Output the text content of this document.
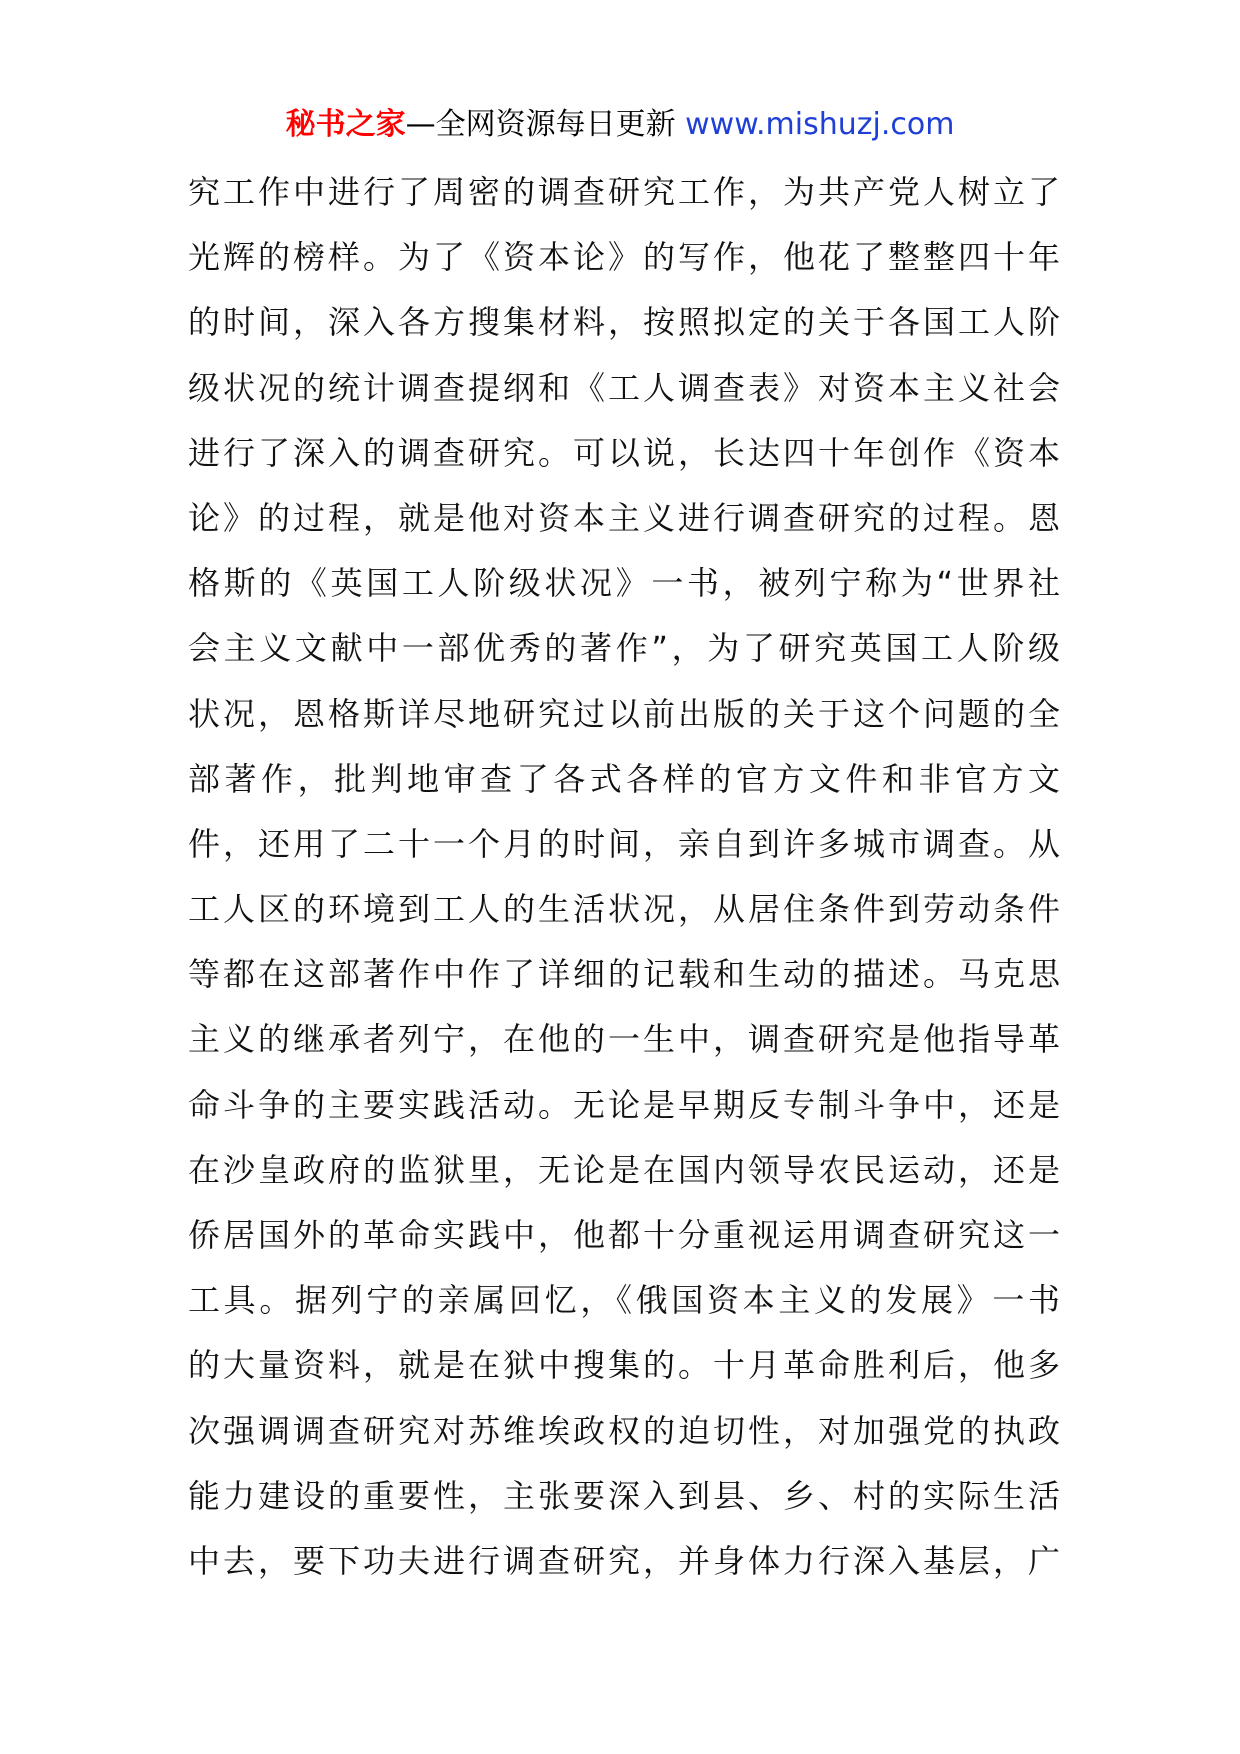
秘书之家—全网资源每日更新 www.mishuzj.com
究工作中进行了周密的调查研究工作，为共产党人树立了
光辉的榜样。为了《资本论》的写作，他花了整整四十年
的时间，深入各方搜集材料，按照拟定的关于各国工人阶
级状况的统计调查提纲和《工人调查表》对资本主义社会
进行了深入的调查研究。可以说，长达四十年创作《资本
论》的过程，就是他对资本主义进行调查研究的过程。恩
格斯的《英国工人阶级状况》一书，被列宁称为“世界社
会主义文献中一部优秀的著作”，为了研究英国工人阶级
状况，恩格斯详尽地研究过以前出版的关于这个问题的全
部著作，批判地审查了各式各样的官方文件和非官方文
件，还用了二十一个月的时间，亲自到许多城市调查。从
工人区的环境到工人的生活状况，从居住条件到劳动条件
等都在这部著作中作了详细的记载和生动的描述。马克思
主义的继承者列宁，在他的一生中，调查研究是他指导革
命斗争的主要实践活动。无论是早期反专制斗争中，还是
在沙皇政府的监狱里，无论是在国内领导农民运动，还是
侨居国外的革命实践中，他都十分重视运用调查研究这一
工具。据列宁的亲属回忆，《俄国资本主义的发展》一书
的大量资料，就是在狱中搜集的。十月革命胜利后，他多
次强调调查研究对苏维埃政权的迫切性，对加强党的执政
能力建设的重要性，主张要深入到县、乡、村的实际生活
中去，要下功夫进行调查研究，并身体力行深入基层，广
